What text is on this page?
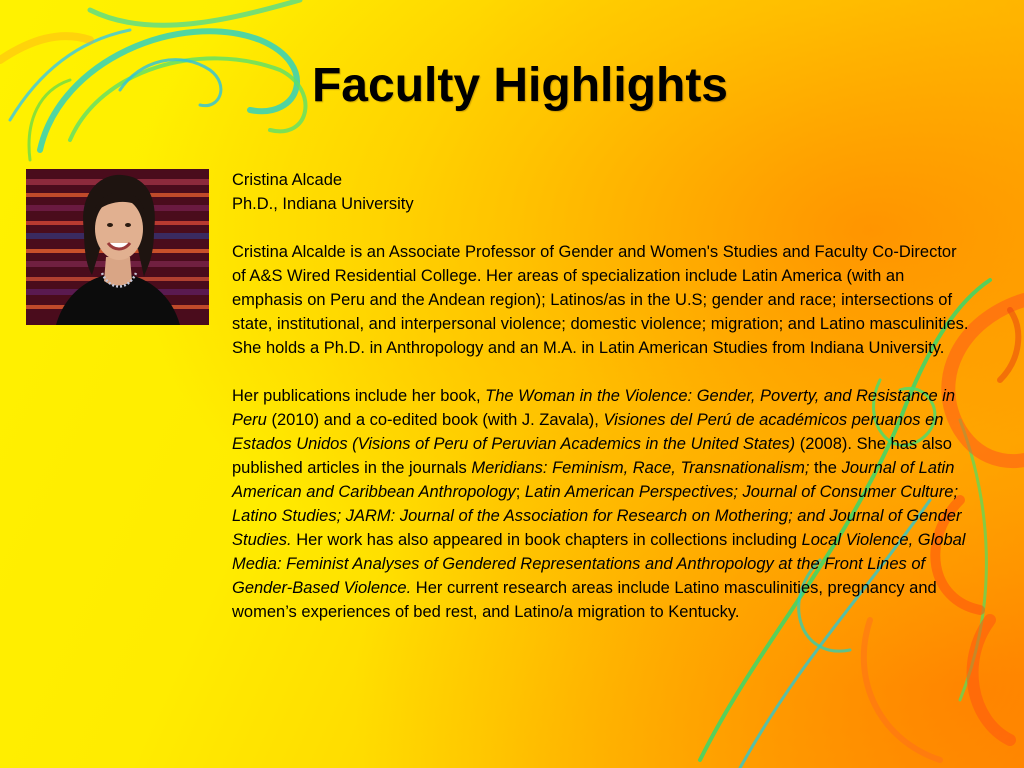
Faculty Highlights

Cristina Alcade

Ph.D., Indiana University

Cristina Alcalde is an Associate Professor of Gender and Women's Studies and Faculty Co-Director of A&S Wired Residential College. Her areas of specialization include Latin America (with an emphasis on Peru and the Andean region); Latinos/as in the U.S; gender and race; intersections of state, institutional, and interpersonal violence; domestic violence; migration; and Latino masculinities. She holds a Ph.D. in Anthropology and an M.A. in Latin American Studies from Indiana University.

Her publications include her book, The Woman in the Violence: Gender, Poverty, and Resistance in Peru (2010) and a co-edited book (with J. Zavala), Visiones del Perú de académicos peruanos en Estados Unidos (Visions of Peru of Peruvian Academics in the United States) (2008). She has also published articles in the journals Meridians: Feminism, Race, Transnationalism; the Journal of Latin American and Caribbean Anthropology; Latin American Perspectives; Journal of Consumer Culture; Latino Studies; JARM: Journal of the Association for Research on Mothering; and Journal of Gender Studies. Her work has also appeared in book chapters in collections including Local Violence, Global Media: Feminist Analyses of Gendered Representations and Anthropology at the Front Lines of Gender-Based Violence. Her current research areas include Latino masculinities, pregnancy and women’s experiences of bed rest, and Latino/a migration to Kentucky.
